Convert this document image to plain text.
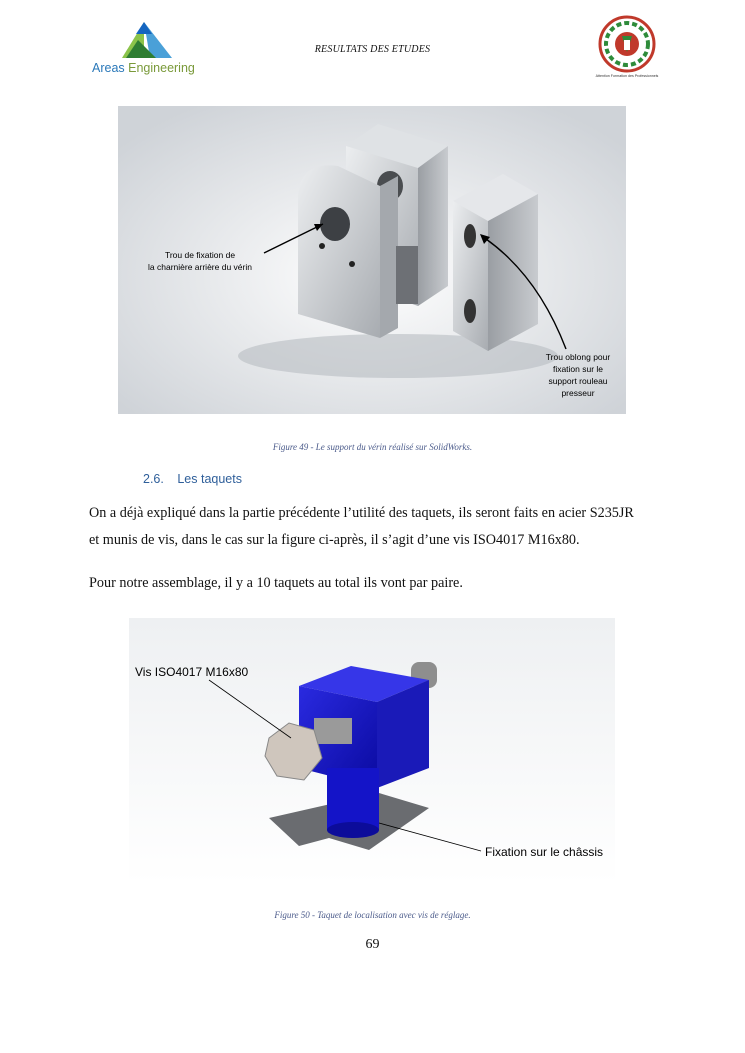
Areas Engineering
RESULTATS DES ETUDES
Attention Formation des Professionnels
Trou de fixation de
la charnière arrière du vérin
Trou oblong pour
fixation sur le
support rouleau
presseur
Figure 49 - Le support du vérin réalisé sur SolidWorks.
2.6. Les taquets
On a déjà expliqué dans la partie précédente l’utilité des taquets, ils seront faits en acier S235JR
et munis de vis, dans le cas sur la figure ci-après, il s’agit d’une vis ISO4017 M16x80.
Pour notre assemblage, il y a 10 taquets au total ils vont par paire.
Vis ISO4017 M16x80
Fixation sur le châssis
Figure 50 - Taquet de localisation avec vis de réglage.
69
